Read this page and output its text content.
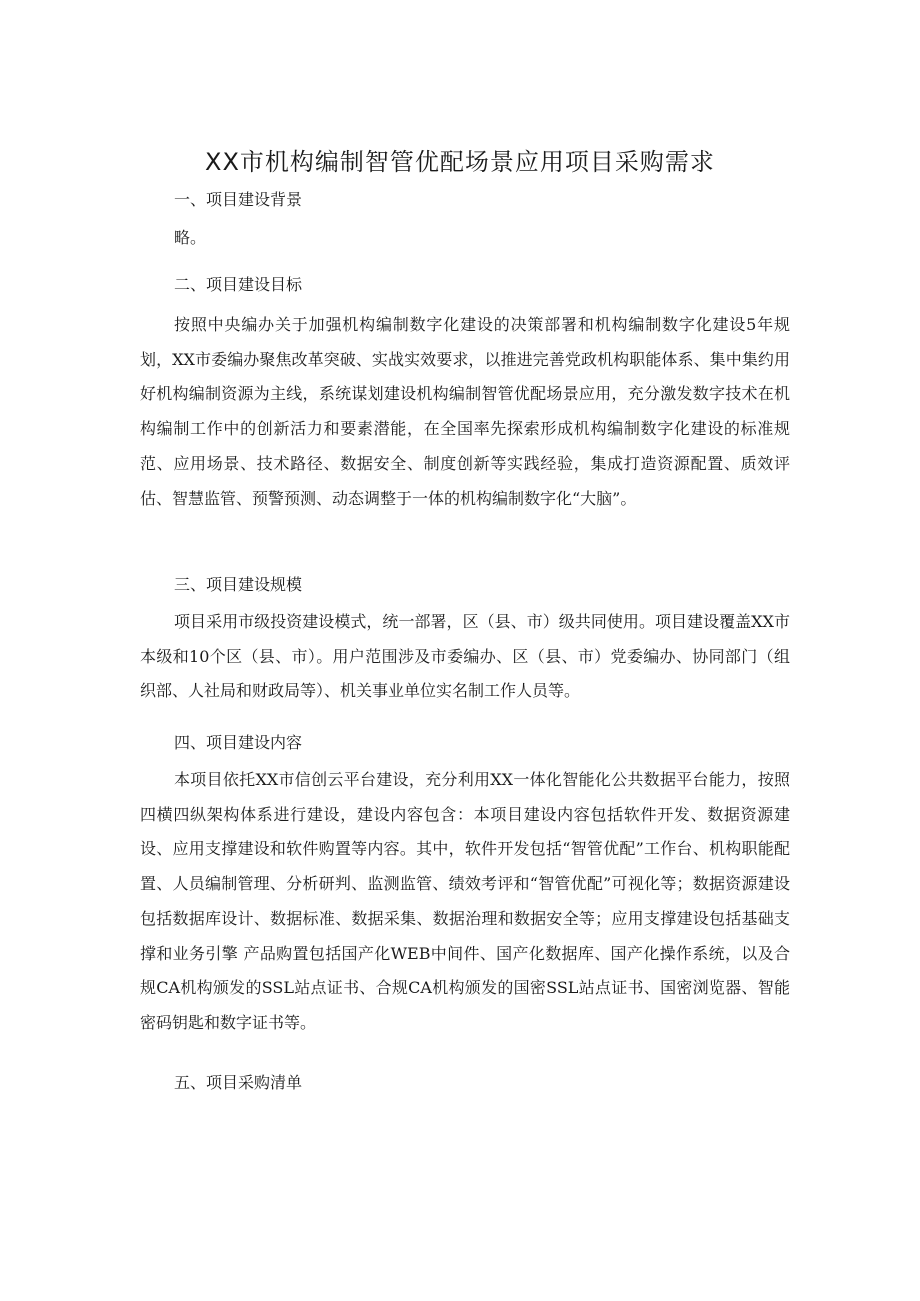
XX市机构编制智管优配场景应用项目采购需求
一、项目建设背景

略。

二、项目建设目标

按照中央编办关于加强机构编制数字化建设的决策部署和机构编制数字化建设5年规划，XX市委编办聚焦改革突破、实战实效要求，以推进完善党政机构职能体系、集中集约用好机构编制资源为主线，系统谋划建设机构编制智管优配场景应用，充分激发数字技术在机构编制工作中的创新活力和要素潜能，在全国率先探索形成机构编制数字化建设的标准规范、应用场景、技术路径、数据安全、制度创新等实践经验，集成打造资源配置、质效评估、智慧监管、预警预测、动态调整于一体的机构编制数字化“大脑”。

三、项目建设规模

项目采用市级投资建设模式，统一部署，区（县、市）级共同使用。项目建设覆盖XX市本级和10个区（县、市）。用户范围涉及市委编办、区（县、市）党委编办、协同部门（组织部、人社局和财政局等）、机关事业单位实名制工作人员等。

四、项目建设内容

本项目依托XX市信创云平台建设，充分利用XX一体化智能化公共数据平台能力，按照四横四纵架构体系进行建设，建设内容包含：本项目建设内容包括软件开发、数据资源建设、应用支撑建设和软件购置等内容。其中，软件开发包括“智管优配”工作台、机构职能配置、人员编制管理、分析研判、监测监管、绩效考评和“智管优配”可视化等；数据资源建设包括数据库设计、数据标准、数据采集、数据治理和数据安全等；应用支撑建设包括基础支撑和业务引擎 产品购置包括国产化WEB中间件、国产化数据库、国产化操作系统，以及合规CA机构颁发的SSL站点证书、合规CA机构颁发的国密SSL站点证书、国密浏览器、智能密码钥匙和数字证书等。

五、项目采购清单
